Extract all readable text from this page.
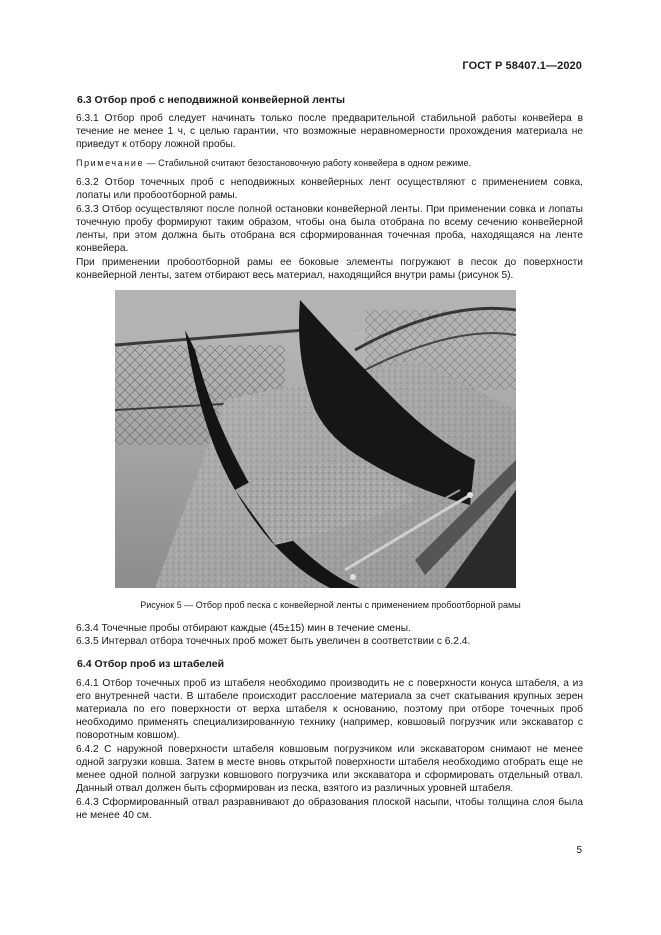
ГОСТ Р 58407.1—2020
6.3 Отбор проб с неподвижной конвейерной ленты

6.3.1 Отбор проб следует начинать только после предварительной стабильной работы конвейера в течение не менее 1 ч, с целью гарантии, что возможные неравномерности прохождения материала не приведут к отбору ложной пробы.

Примечание — Стабильной считают безостановочную работу конвейера в одном режиме.

6.3.2 Отбор точечных проб с неподвижных конвейерных лент осуществляют с применением совка, лопаты или пробоотборной рамы.

6.3.3 Отбор осуществляют после полной остановки конвейерной ленты. При применении совка и лопаты точечную пробу формируют таким образом, чтобы она была отобрана по всему сечению конвейерной ленты, при этом должна быть отобрана вся сформированная точечная проба, находящаяся на ленте конвейера.

При применении пробоотборной рамы ее боковые элементы погружают в песок до поверхности конвейерной ленты, затем отбирают весь материал, находящийся внутри рамы (рисунок 5).

Рисунок 5 — Отбор проб песка с конвейерной ленты с применением пробоотборной рамы

6.3.4 Точечные пробы отбирают каждые (45±15) мин в течение смены.

6.3.5 Интервал отбора точечных проб может быть увеличен в соответствии с 6.2.4.

6.4 Отбор проб из штабелей

6.4.1 Отбор точечных проб из штабеля необходимо производить не с поверхности конуса штабеля, а из его внутренней части. В штабеле происходит расслоение материала за счет скатывания крупных зерен материала по его поверхности от верха штабеля к основанию, поэтому при отборе точечных проб необходимо применять специализированную технику (например, ковшовый погрузчик или экскаватор с поворотным ковшом).

6.4.2 С наружной поверхности штабеля ковшовым погрузчиком или экскаватором снимают не менее одной загрузки ковша. Затем в месте вновь открытой поверхности штабеля необходимо отобрать еще не менее одной полной загрузки ковшового погрузчика или экскаватора и сформировать отдельный отвал. Данный отвал должен быть сформирован из песка, взятого из различных уровней штабеля.

6.4.3 Сформированный отвал разравнивают до образования плоской насыпи, чтобы толщина слоя была не менее 40 см.

5
